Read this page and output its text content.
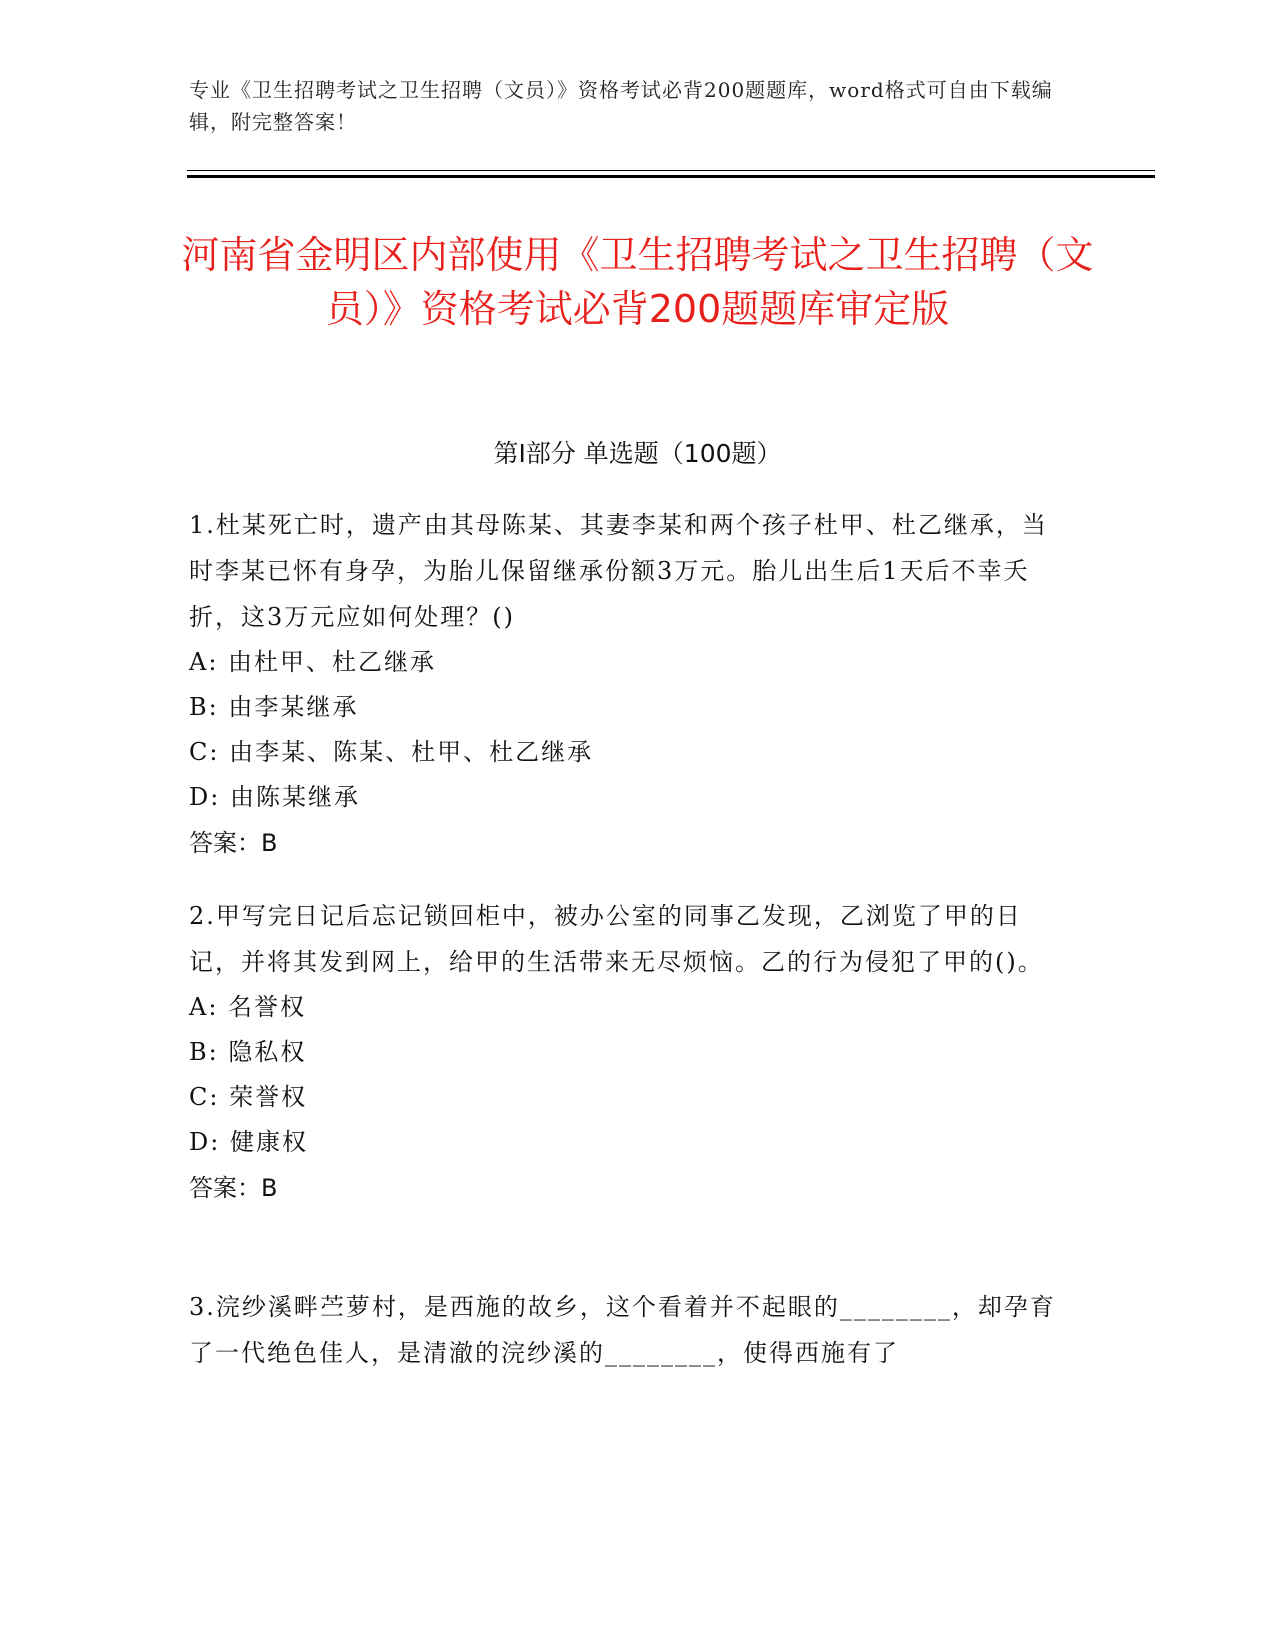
专业《卫生招聘考试之卫生招聘（文员）》资格考试必背200题题库，word格式可自由下载编辑，附完整答案！
河南省金明区内部使用《卫生招聘考试之卫生招聘（文员）》资格考试必背200题题库审定版
第I部分 单选题（100题）

1.杜某死亡时，遗产由其母陈某、其妻李某和两个孩子杜甲、杜乙继承，当时李某已怀有身孕，为胎儿保留继承份额3万元。胎儿出生后1天后不幸夭折，这3万元应如何处理？()

A: 由杜甲、杜乙继承

B: 由李某继承

C: 由李某、陈某、杜甲、杜乙继承

D: 由陈某继承

答案：B

2.甲写完日记后忘记锁回柜中，被办公室的同事乙发现，乙浏览了甲的日记，并将其发到网上，给甲的生活带来无尽烦恼。乙的行为侵犯了甲的()。

A: 名誉权

B: 隐私权

C: 荣誉权

D: 健康权

答案：B

3.浣纱溪畔苎萝村，是西施的故乡，这个看着并不起眼的________，却孕育了一代绝色佳人，是清澈的浣纱溪的________，使得西施有了
